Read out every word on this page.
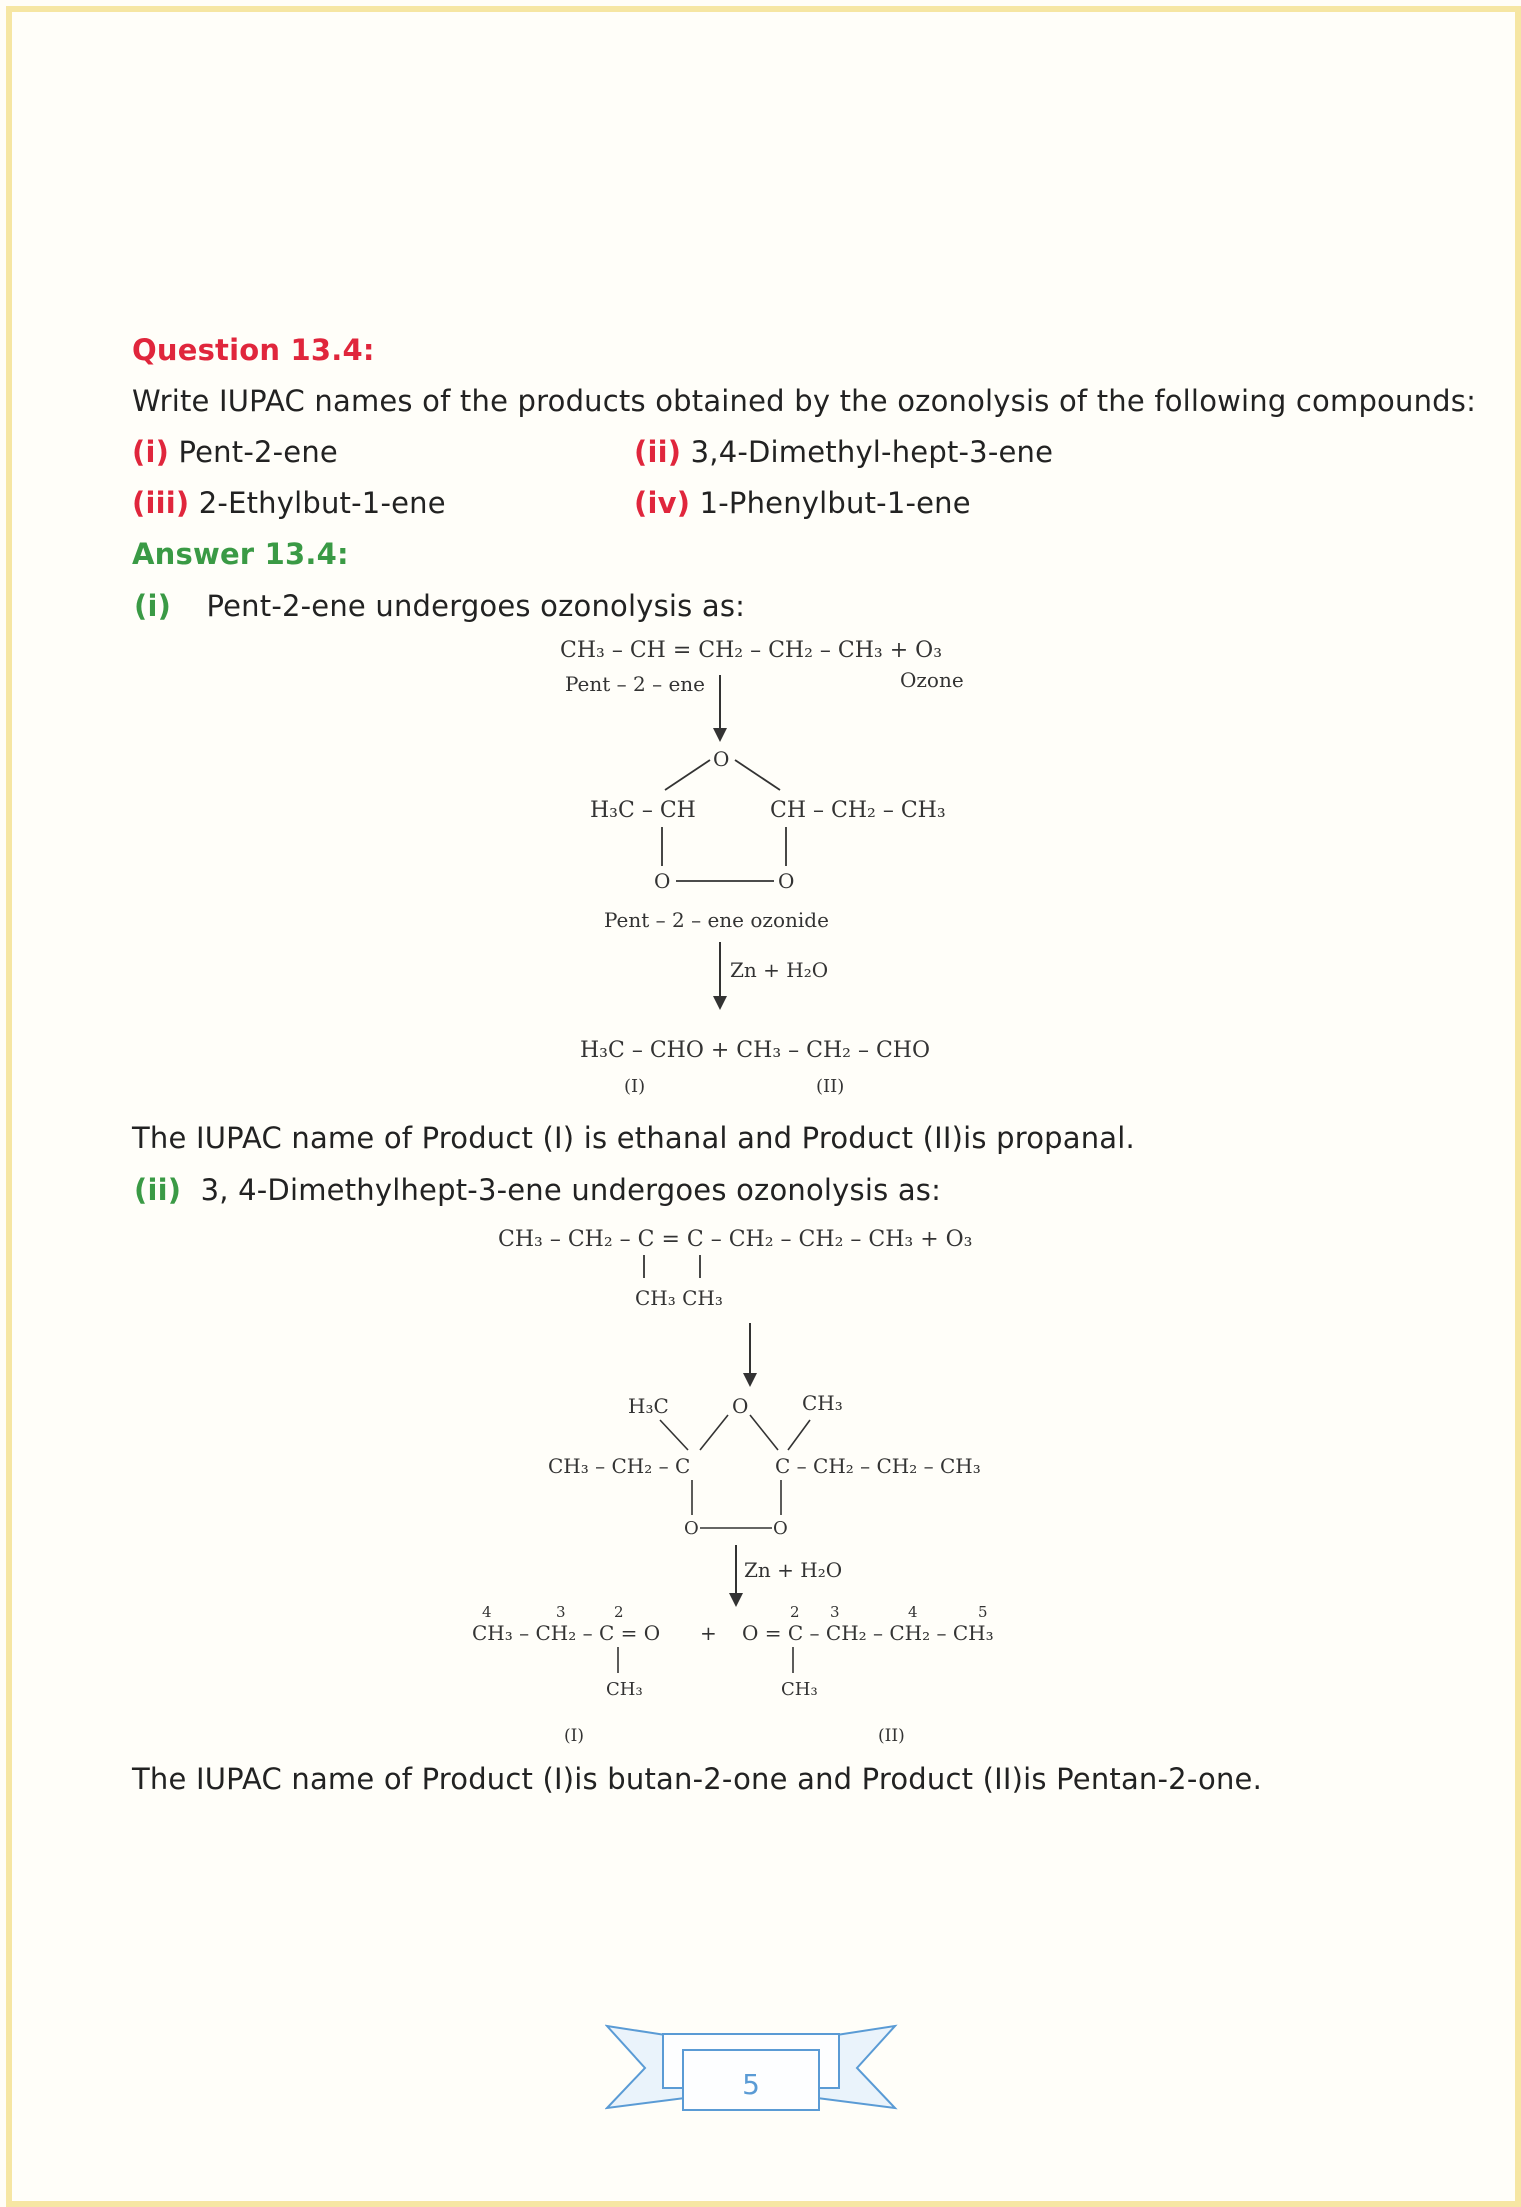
Question 13.4:
Write IUPAC names of the products obtained by the ozonolysis of the following compounds:
(i) Pent-2-ene	(ii) 3,4-Dimethyl-hept-3-ene
(iii) 2-Ethylbut-1-ene	(iv) 1-Phenylbut-1-ene
Answer 13.4:
(i) Pent-2-ene undergoes ozonolysis as:
The IUPAC name of Product (I) is ethanal and Product (II)is propanal.
(ii) 3, 4-Dimethylhept-3-ene undergoes ozonolysis as:
The IUPAC name of Product (I)is butan-2-one and Product (II)is Pentan-2-one.
CH₃ – CH = CH₂ – CH₂ – CH₃ + O₃
Pent – 2 – ene	Ozone
O
H₃C – CH	CH – CH₂ – CH₃
O	O
Pent – 2 – ene ozonide
Zn + H₂O
H₃C – CHO + CH₃ – CH₂ – CHO
(I)	(II)
CH₃ – CH₂ – C = C – CH₂ – CH₂ – CH₃ + O₃
CH₃ CH₃
H₃C	O	CH₃
CH₃ – CH₂ – C	C – CH₂ – CH₂ – CH₃
O	O
Zn + H₂O
4	3	2
CH₃ – CH₂ – C = O +
2 3	4	5
O = C – CH₂ – CH₂ – CH₃
CH₃	CH₃
(I)	(II)
5
